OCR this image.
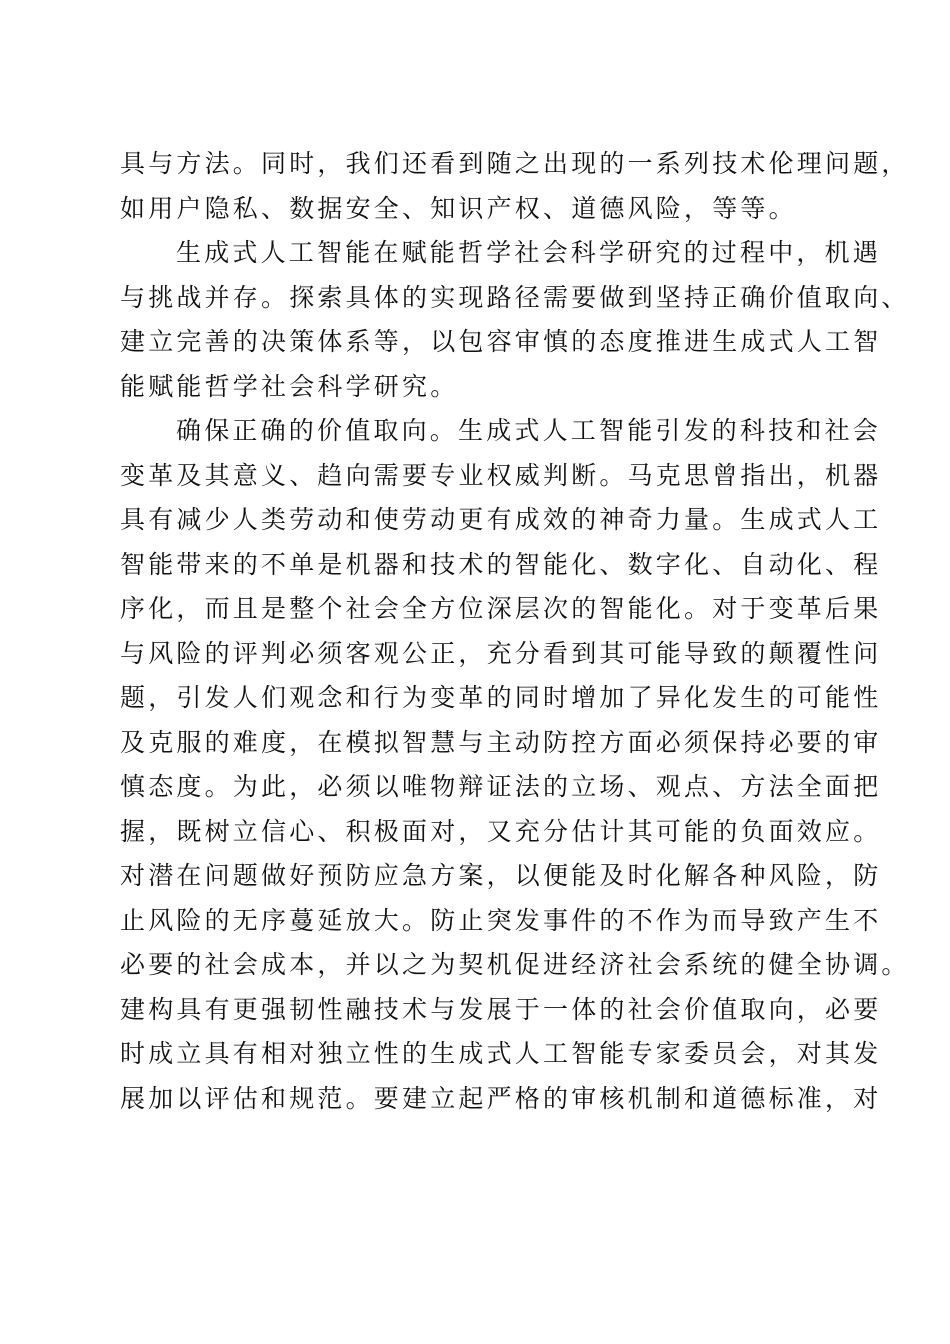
具与方法。同时，我们还看到随之出现的一系列技术伦理问题，
如用户隐私、数据安全、知识产权、道德风险，等等。
生成式人工智能在赋能哲学社会科学研究的过程中，机遇
与挑战并存。探索具体的实现路径需要做到坚持正确价值取向、
建立完善的决策体系等，以包容审慎的态度推进生成式人工智
能赋能哲学社会科学研究。
确保正确的价值取向。生成式人工智能引发的科技和社会
变革及其意义、趋向需要专业权威判断。马克思曾指出，机器
具有减少人类劳动和使劳动更有成效的神奇力量。生成式人工
智能带来的不单是机器和技术的智能化、数字化、自动化、程
序化，而且是整个社会全方位深层次的智能化。对于变革后果
与风险的评判必须客观公正，充分看到其可能导致的颠覆性问
题，引发人们观念和行为变革的同时增加了异化发生的可能性
及克服的难度，在模拟智慧与主动防控方面必须保持必要的审
慎态度。为此，必须以唯物辩证法的立场、观点、方法全面把
握，既树立信心、积极面对，又充分估计其可能的负面效应。
对潜在问题做好预防应急方案，以便能及时化解各种风险，防
止风险的无序蔓延放大。防止突发事件的不作为而导致产生不
必要的社会成本，并以之为契机促进经济社会系统的健全协调。
建构具有更强韧性融技术与发展于一体的社会价值取向，必要
时成立具有相对独立性的生成式人工智能专家委员会，对其发
展加以评估和规范。要建立起严格的审核机制和道德标准，对
